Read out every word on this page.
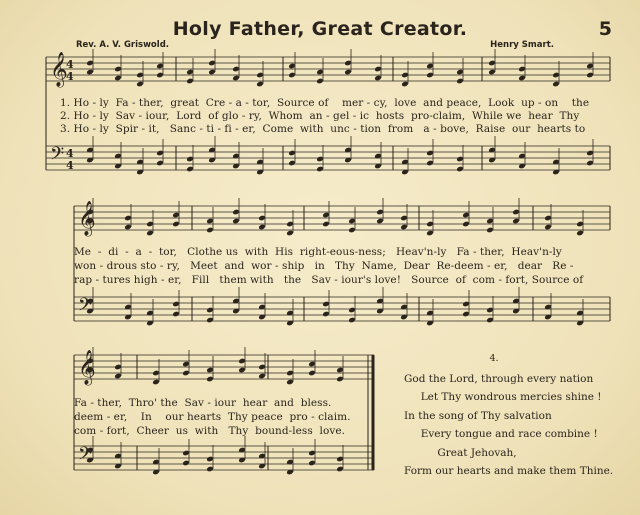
Holy Father, Great Creator.	5
Rev. A. V. Griswold.	Henry Smart.
𝄞
𝄢
𝄞
𝄢
𝄞
𝄢
4
4
4
4
1. Ho - ly  Fa - ther,  great  Cre - a - tor,  Source of    mer - cy,  love  and peace,  Look  up - on    the
2. Ho - ly  Sav - iour,  Lord  of glo - ry,  Whom  an - gel - ic  hosts  pro-claim,  While we  hear  Thy
3. Ho - ly  Spir - it,   Sanc - ti - fi - er,  Come  with  unc - tion  from   a - bove,  Raise  our  hearts to
Me  -  di  -  a  -  tor,   Clothe us  with  His  right-eous-ness;   Heav'n-ly   Fa - ther,  Heav'n-ly
won - drous sto - ry,   Meet  and  wor - ship   in   Thy  Name,  Dear  Re-deem - er,   dear   Re -
rap - tures high - er,   Fill   them with   the   Sav - iour's love!   Source  of  com - fort, Source of
Fa - ther,  Thro' the  Sav - iour  hear  and  bless.
deem - er,    In    our hearts  Thy peace  pro - claim.
com - fort,  Cheer  us  with   Thy  bound-less  love.
4.
God the Lord, through every nation
Let Thy wondrous mercies shine !
In the song of Thy salvation
Every tongue and race combine !
Great Jehovah,
Form our hearts and make them Thine.
